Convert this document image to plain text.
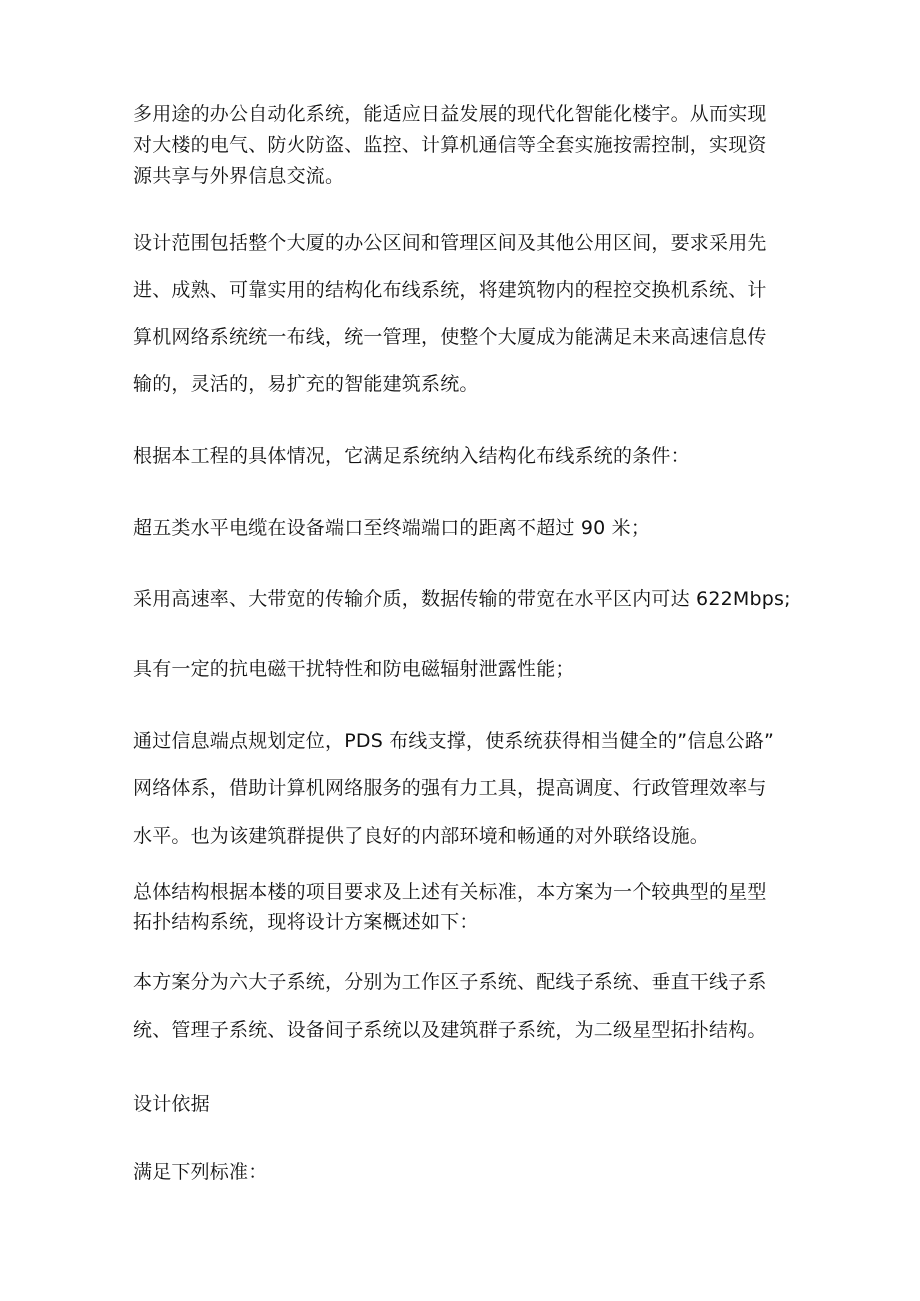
多用途的办公自动化系统，能适应日益发展的现代化智能化楼宇。从而实现
对大楼的电气、防火防盗、监控、计算机通信等全套实施按需控制，实现资
源共享与外界信息交流。
设计范围包括整个大厦的办公区间和管理区间及其他公用区间，要求采用先
进、成熟、可靠实用的结构化布线系统，将建筑物内的程控交换机系统、计
算机网络系统统一布线，统一管理，使整个大厦成为能满足未来高速信息传
输的，灵活的，易扩充的智能建筑系统。
根据本工程的具体情况，它满足系统纳入结构化布线系统的条件：
超五类水平电缆在设备端口至终端端口的距离不超过 90 米；
采用高速率、大带宽的传输介质，数据传输的带宽在水平区内可达 622Mbps;
具有一定的抗电磁干扰特性和防电磁辐射泄露性能；
通过信息端点规划定位，PDS 布线支撑，使系统获得相当健全的”信息公路”
网络体系，借助计算机网络服务的强有力工具，提高调度、行政管理效率与
水平。也为该建筑群提供了良好的内部环境和畅通的对外联络设施。
总体结构根据本楼的项目要求及上述有关标准，本方案为一个较典型的星型
拓扑结构系统，现将设计方案概述如下：
本方案分为六大子系统，分别为工作区子系统、配线子系统、垂直干线子系
统、管理子系统、设备间子系统以及建筑群子系统，为二级星型拓扑结构。
设计依据
满足下列标准：
